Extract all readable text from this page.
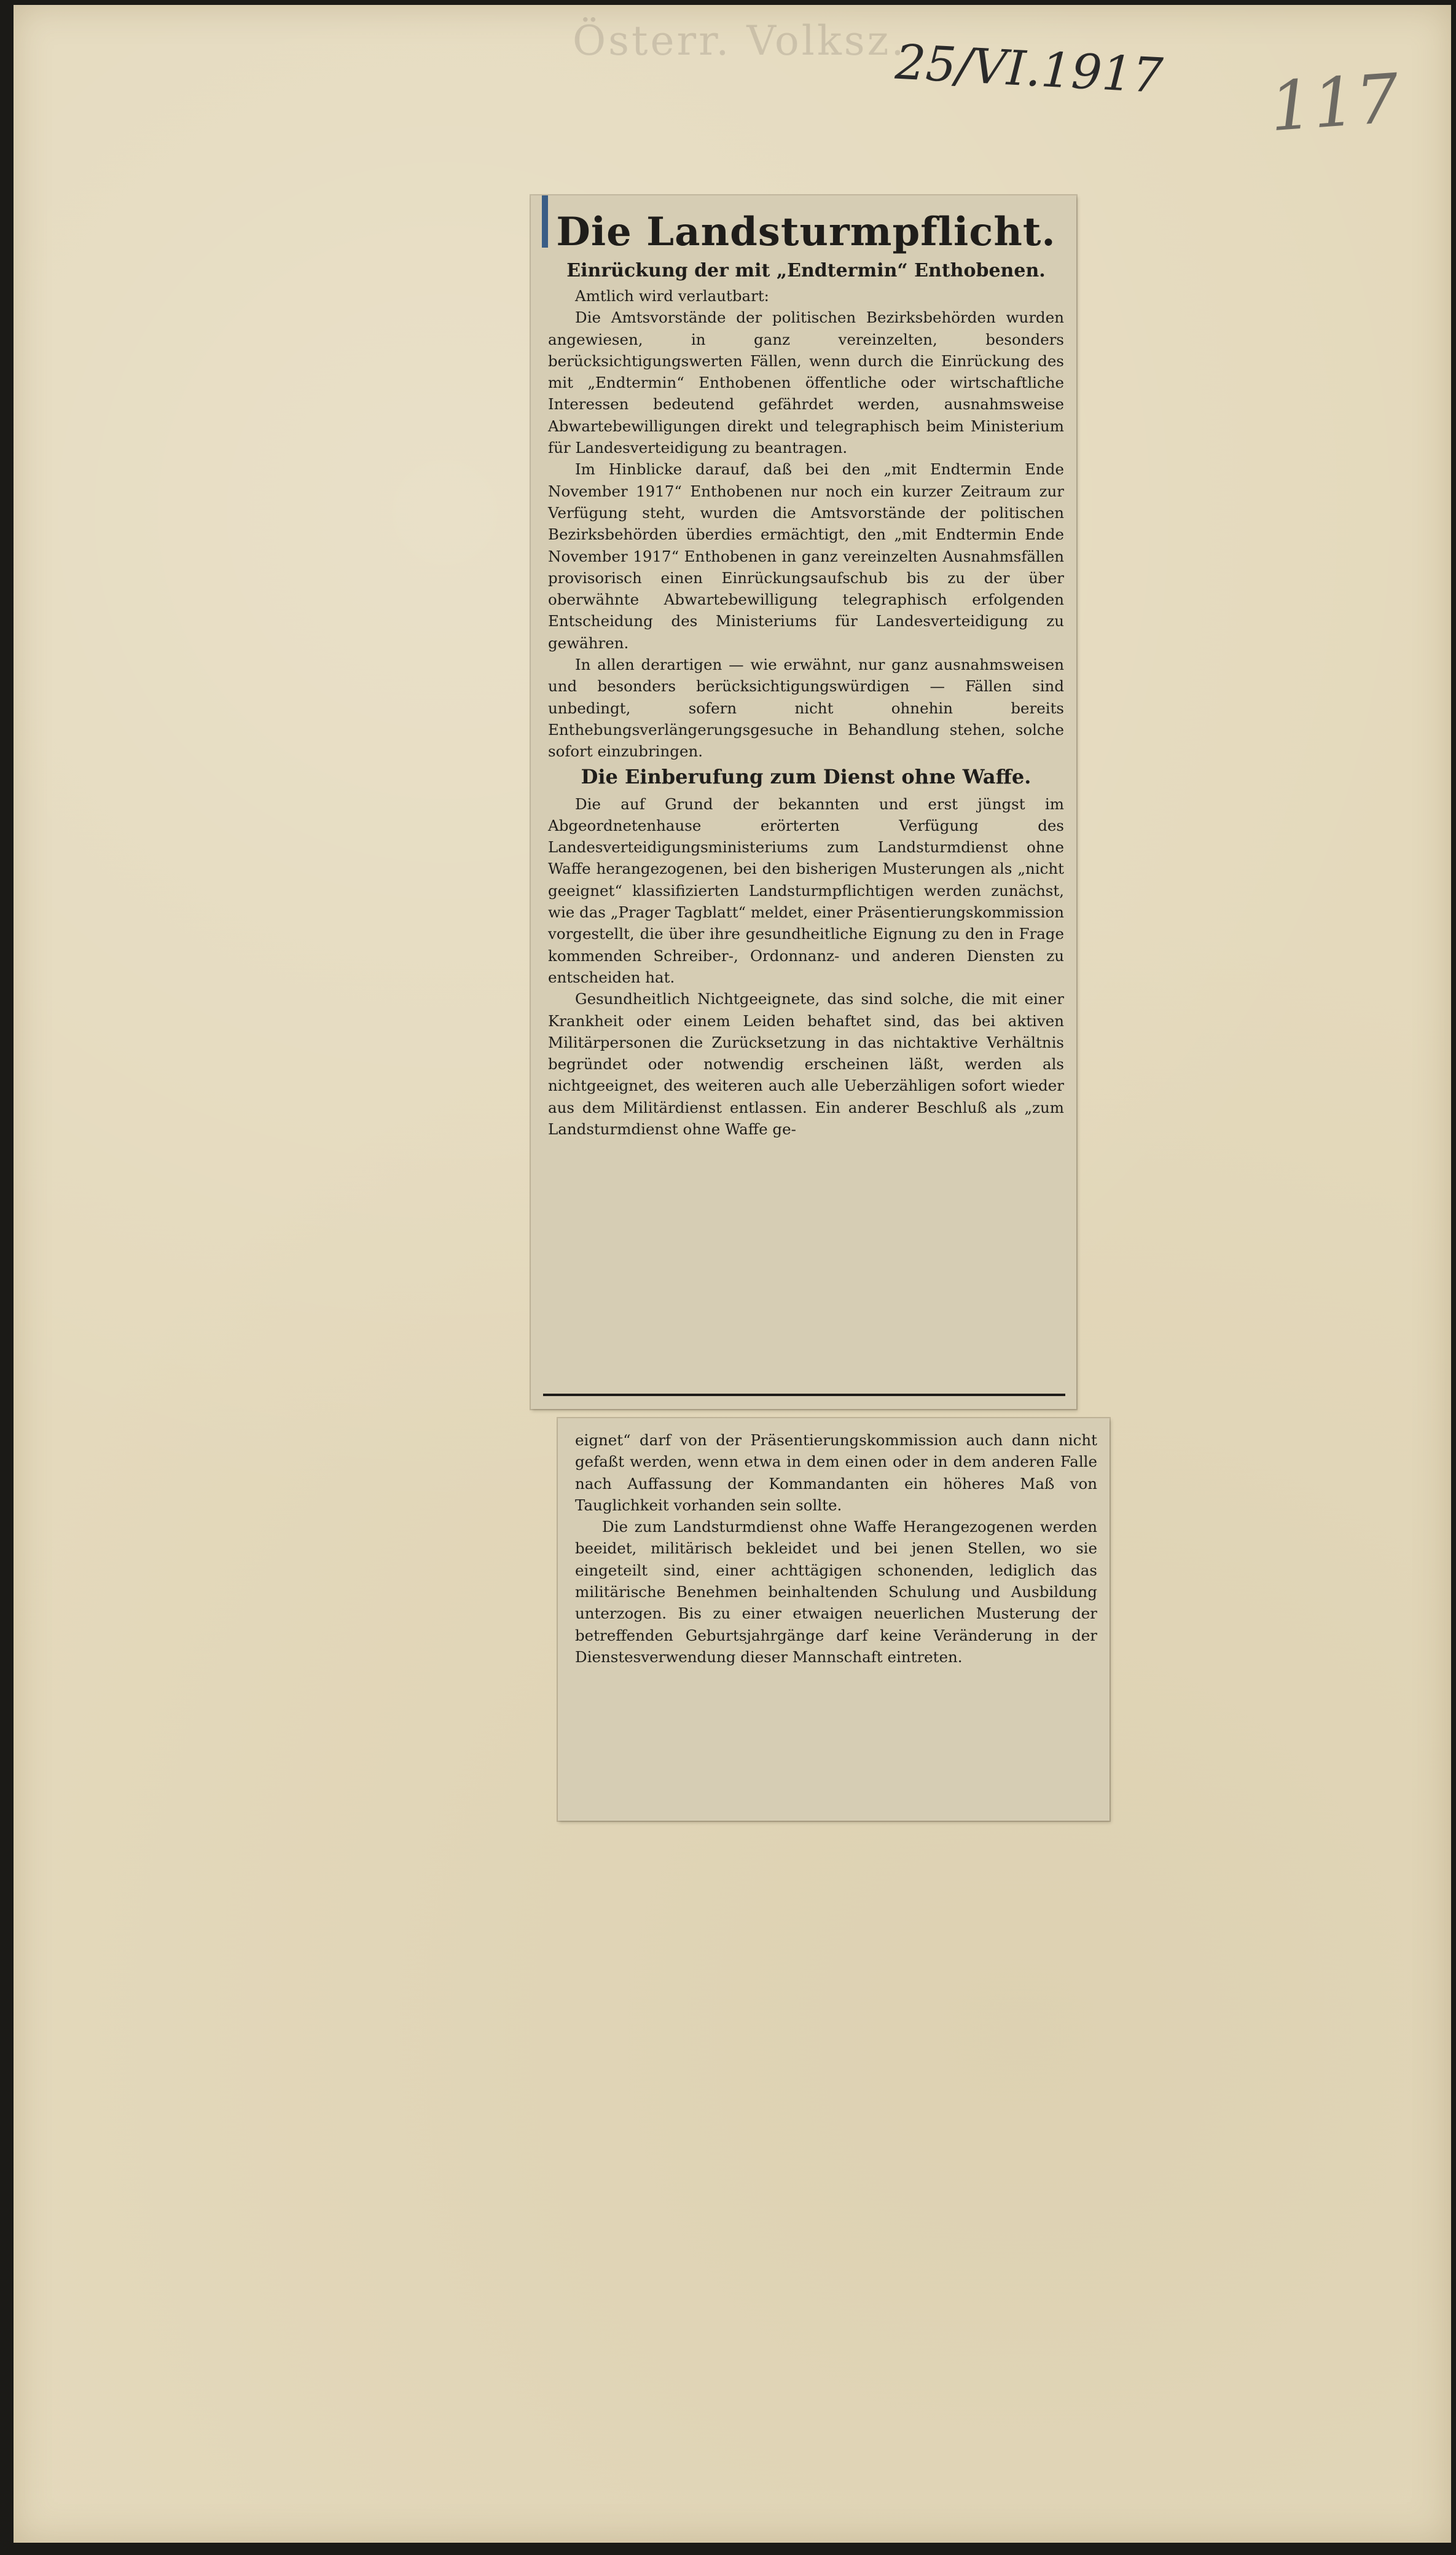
Österr. Volksz.
25/VI.1917 117
Die Landsturmpflicht.
Einrückung der mit „Endtermin“ Enthobenen.

Amtlich wird verlautbart:

Die Amtsvorstände der politischen Bezirksbehörden wurden angewiesen, in ganz vereinzelten, besonders berücksichtigungswerten Fällen, wenn durch die Einrückung des mit „Endtermin“ Enthobenen öffentliche oder wirtschaftliche Interessen bedeutend gefährdet werden, ausnahmsweise Abwartebewilligungen direkt und telegraphisch beim Ministerium für Landesverteidigung zu beantragen.

Im Hinblicke darauf, daß bei den „mit Endtermin Ende November 1917“ Enthobenen nur noch ein kurzer Zeitraum zur Verfügung steht, wurden die Amtsvorstände der politischen Bezirksbehörden überdies ermächtigt, den „mit Endtermin Ende November 1917“ Enthobenen in ganz vereinzelten Ausnahmsfällen provisorisch einen Einrückungsaufschub bis zu der über oberwähnte Abwartebewilligung telegraphisch erfolgenden Entscheidung des Ministeriums für Landesverteidigung zu gewähren.

In allen derartigen — wie erwähnt, nur ganz ausnahmsweisen und besonders berücksichtigungswürdigen — Fällen sind unbedingt, sofern nicht ohnehin bereits Enthebungsverlängerungsgesuche in Behandlung stehen, solche sofort einzubringen.

Die Einberufung zum Dienst ohne Waffe.

Die auf Grund der bekannten und erst jüngst im Abgeordnetenhause erörterten Verfügung des Landesverteidigungsministeriums zum Landsturmdienst ohne Waffe herangezogenen, bei den bisherigen Musterungen als „nicht geeignet“ klassifizierten Landsturmpflichtigen werden zunächst, wie das „Prager Tagblatt“ meldet, einer Präsentierungskommission vorgestellt, die über ihre gesundheitliche Eignung zu den in Frage kommenden Schreiber-, Ordonnanz- und anderen Diensten zu entscheiden hat.

Gesundheitlich Nichtgeeignete, das sind solche, die mit einer Krankheit oder einem Leiden behaftet sind, das bei aktiven Militärpersonen die Zurücksetzung in das nichtaktive Verhältnis begründet oder notwendig erscheinen läßt, werden als nichtgeeignet, des weiteren auch alle Ueberzähligen sofort wieder aus dem Militärdienst entlassen. Ein anderer Beschluß als „zum Landsturmdienst ohne Waffe ge-

eignet“ darf von der Präsentierungskommission auch dann nicht gefaßt werden, wenn etwa in dem einen oder in dem anderen Falle nach Auffassung der Kommandanten ein höheres Maß von Tauglichkeit vorhanden sein sollte.

Die zum Landsturmdienst ohne Waffe Herangezogenen werden beeidet, militärisch bekleidet und bei jenen Stellen, wo sie eingeteilt sind, einer achttägigen schonenden, lediglich das militärische Benehmen beinhaltenden Schulung und Ausbildung unterzogen. Bis zu einer etwaigen neuerlichen Musterung der betreffenden Geburtsjahrgänge darf keine Veränderung in der Dienstesverwendung dieser Mannschaft eintreten.
